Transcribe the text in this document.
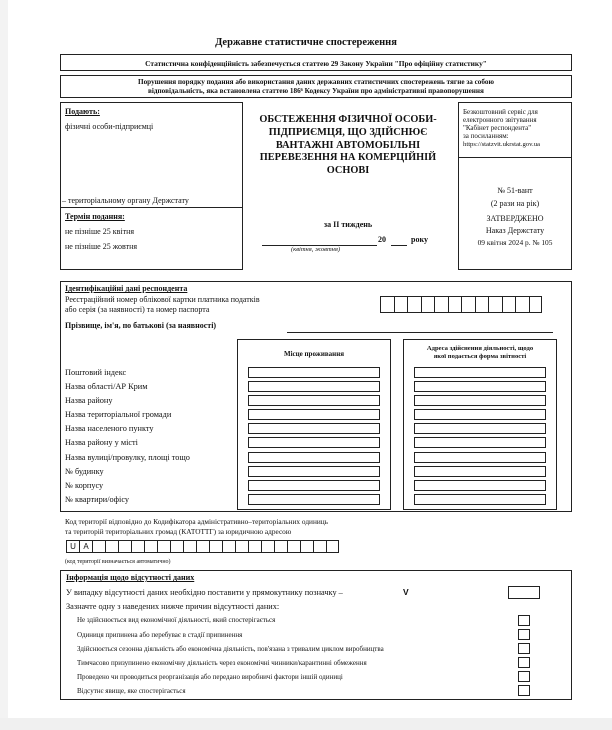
Державне статистичне спостереження
Статистична конфіденційність забезпечується статтею 29 Закону України "Про офіційну статистику"
Порушення порядку подання або використання даних державних статистичних спостережень тягне за собою
відповідальність, яка встановлена статтею 186⁶ Кодексу України про адміністративні правопорушення
Подають:
фізичні особи-підприємці
– територіальному органу Держстату
Термін подання:
не пізніше 25 квітня
не пізніше 25 жовтня
ОБСТЕЖЕННЯ ФІЗИЧНОЇ ОСОБИ-ПІДПРИЄМЦЯ, ЩО ЗДІЙСНЮЄ ВАНТАЖНІ АВТОМОБІЛЬНІ ПЕРЕВЕЗЕННЯ НА КОМЕРЦІЙНІЙ ОСНОВІ
за ІІ тиждень
20	року
(квітня, жовтня)
Безкоштовний сервіс для
електронного звітування
"Кабінет респондента"
за посиланням:
https://statzvit.ukrstat.gov.ua
№ 51-вант
(2 рази на рік)
ЗАТВЕРДЖЕНО
Наказ Держстату
09 квітня 2024 р. № 105
Ідентифікаційні дані респондента
Реєстраційний номер облікової картки платника податків
або серія (за наявності) та номер паспорта
Прізвище, ім'я, по батькові (за наявності)
Місце проживання
Адреса здійснення діяльності, щодо
якої подається форма звітності
Поштовий індекс
Назва області/АР Крим
Назва району
Назва територіальної громади
Назва населеного пункту
Назва району у місті
Назва вулиці/провулку, площі тощо
№ будинку
№ корпусу
№ квартири/офісу
Код території відповідно до Кодифікатора адміністративно–територіальних одиниць
та територій територіальних громад (КАТОТТГ) за юридичною адресою
U A
(код території визначається автоматично)
Інформація щодо відсутності даних
У випадку відсутності даних необхідно поставити у прямокутнику позначку –	V
Зазначте одну з наведених нижче причин відсутності даних:
Не здійснюється вид економічної діяльності, який спостерігається
Одиниця припинена або перебуває в стадії припинення
Здійснюється сезонна діяльність або економічна діяльність, пов'язана з тривалим циклом виробництва
Тимчасово призупинено економічну діяльність через економічні чинники/карантинні обмеження
Проведено чи проводиться реорганізація або передано виробничі фактори іншій одиниці
Відсутнє явище, яке спостерігається
